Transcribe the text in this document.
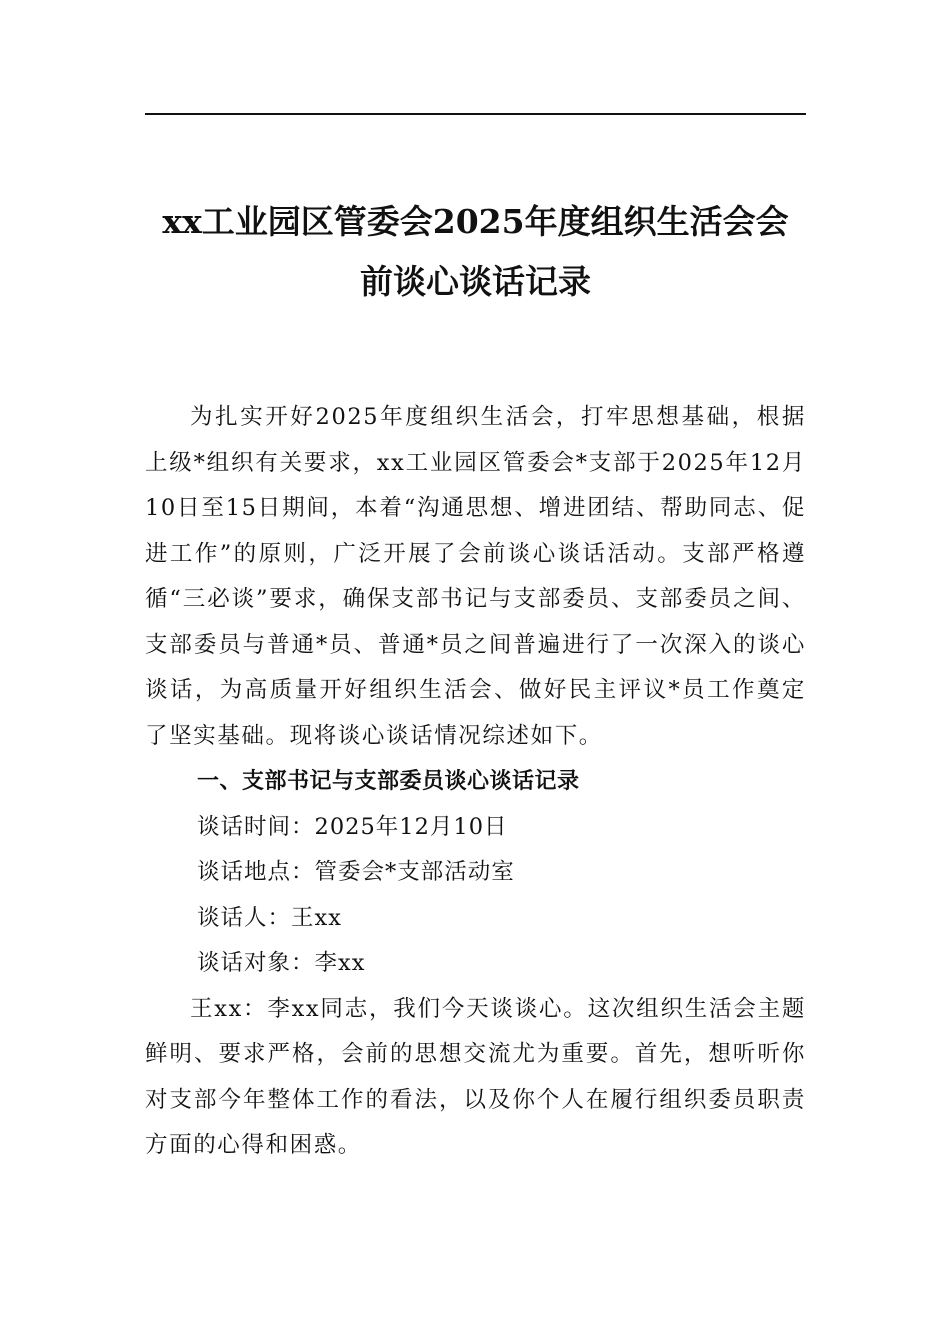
xx工业园区管委会2025年度组织生活会会
前谈心谈话记录

为扎实开好2025年度组织生活会，打牢思想基础，根据上级*组织有关要求，xx工业园区管委会*支部于2025年12月10日至15日期间，本着“沟通思想、增进团结、帮助同志、促进工作”的原则，广泛开展了会前谈心谈话活动。支部严格遵循“三必谈”要求，确保支部书记与支部委员、支部委员之间、支部委员与普通*员、普通*员之间普遍进行了一次深入的谈心谈话，为高质量开好组织生活会、做好民主评议*员工作奠定了坚实基础。现将谈心谈话情况综述如下。

一、支部书记与支部委员谈心谈话记录

谈话时间：2025年12月10日

谈话地点：管委会*支部活动室

谈话人：王xx

谈话对象：李xx

王xx：李xx同志，我们今天谈谈心。这次组织生活会主题鲜明、要求严格，会前的思想交流尤为重要。首先，想听听你对支部今年整体工作的看法，以及你个人在履行组织委员职责方面的心得和困惑。
